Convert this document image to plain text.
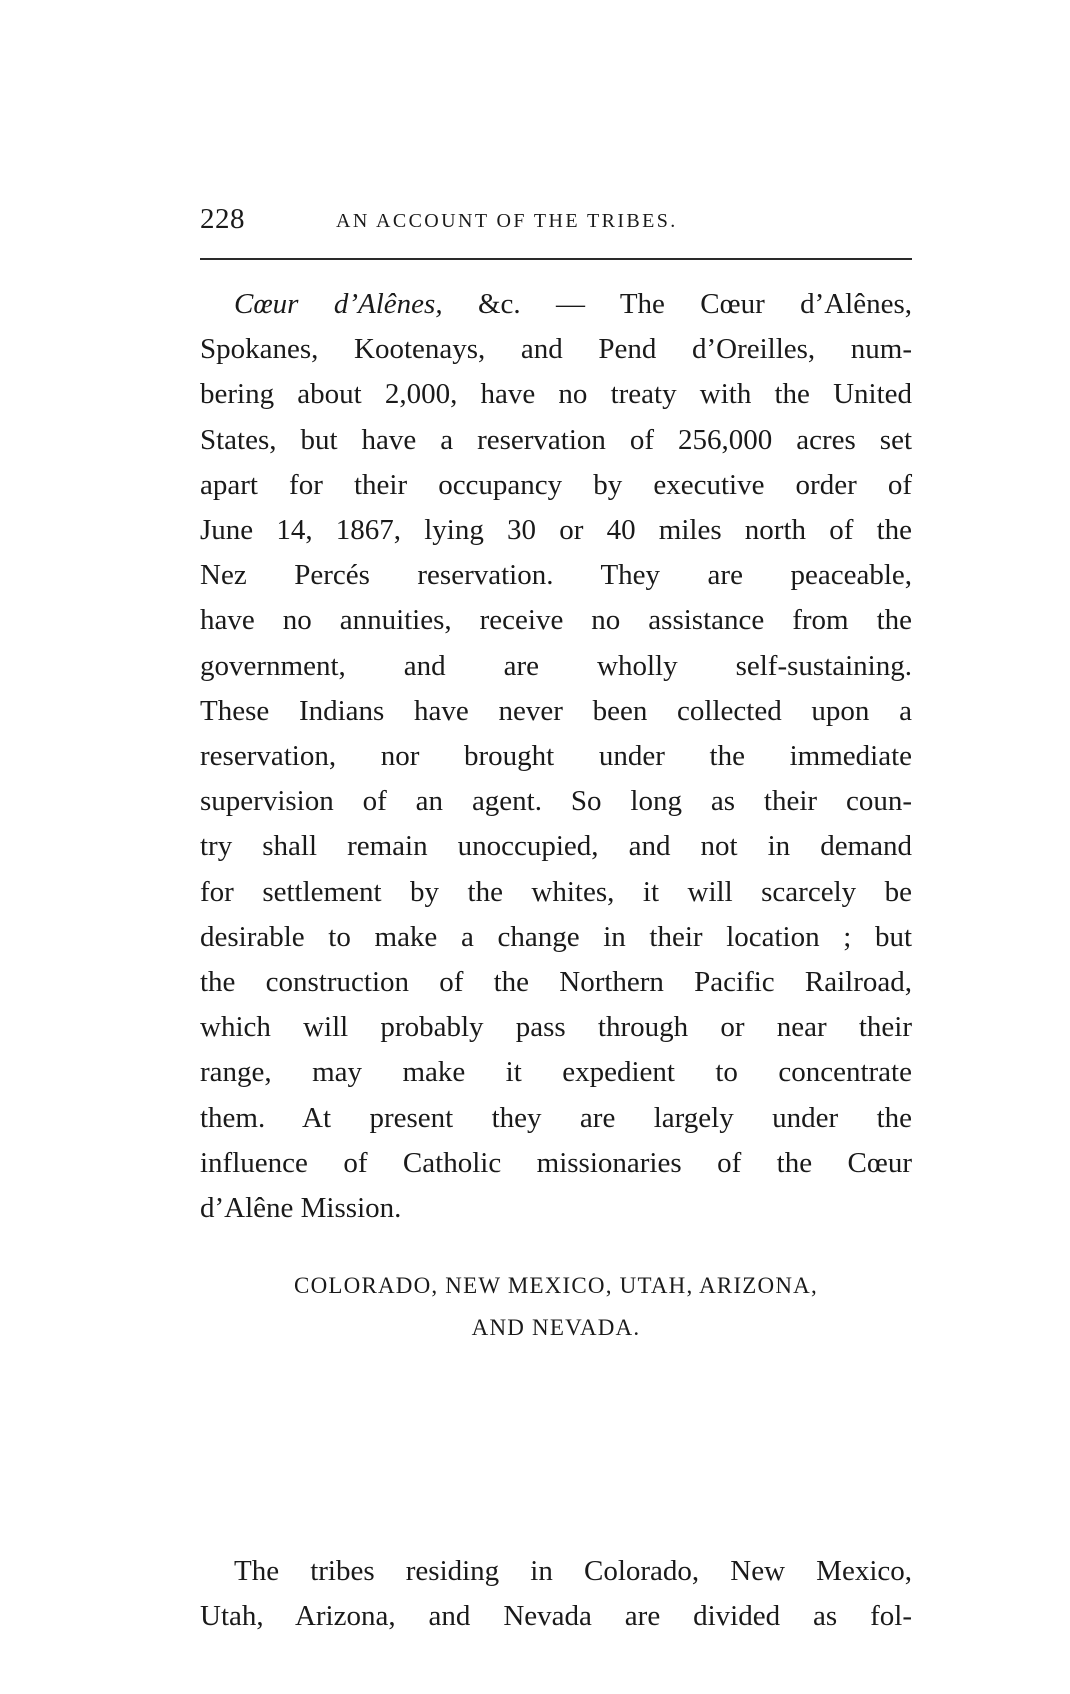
228	AN ACCOUNT OF THE TRIBES.

Cœur d’Alênes, &c. — The Cœur d’Alênes,
Spokanes, Kootenays, and Pend d’Oreilles, num-
bering about 2,000, have no treaty with the United
States, but have a reservation of 256,000 acres set
apart for their occupancy by executive order of
June 14, 1867, lying 30 or 40 miles north of the
Nez Percés reservation. They are peaceable,
have no annuities, receive no assistance from the
government, and are wholly self-sustaining.
These Indians have never been collected upon a
reservation, nor brought under the immediate
supervision of an agent. So long as their coun-
try shall remain unoccupied, and not in demand
for settlement by the whites, it will scarcely be
desirable to make a change in their location ; but
the construction of the Northern Pacific Railroad,
which will probably pass through or near their
range, may make it expedient to concentrate
them. At present they are largely under the
influence of Catholic missionaries of the Cœur
d’Alêne Mission.

COLORADO, NEW MEXICO, UTAH, ARIZONA,

AND NEVADA.

The tribes residing in Colorado, New Mexico,
Utah, Arizona, and Nevada are divided as fol-
